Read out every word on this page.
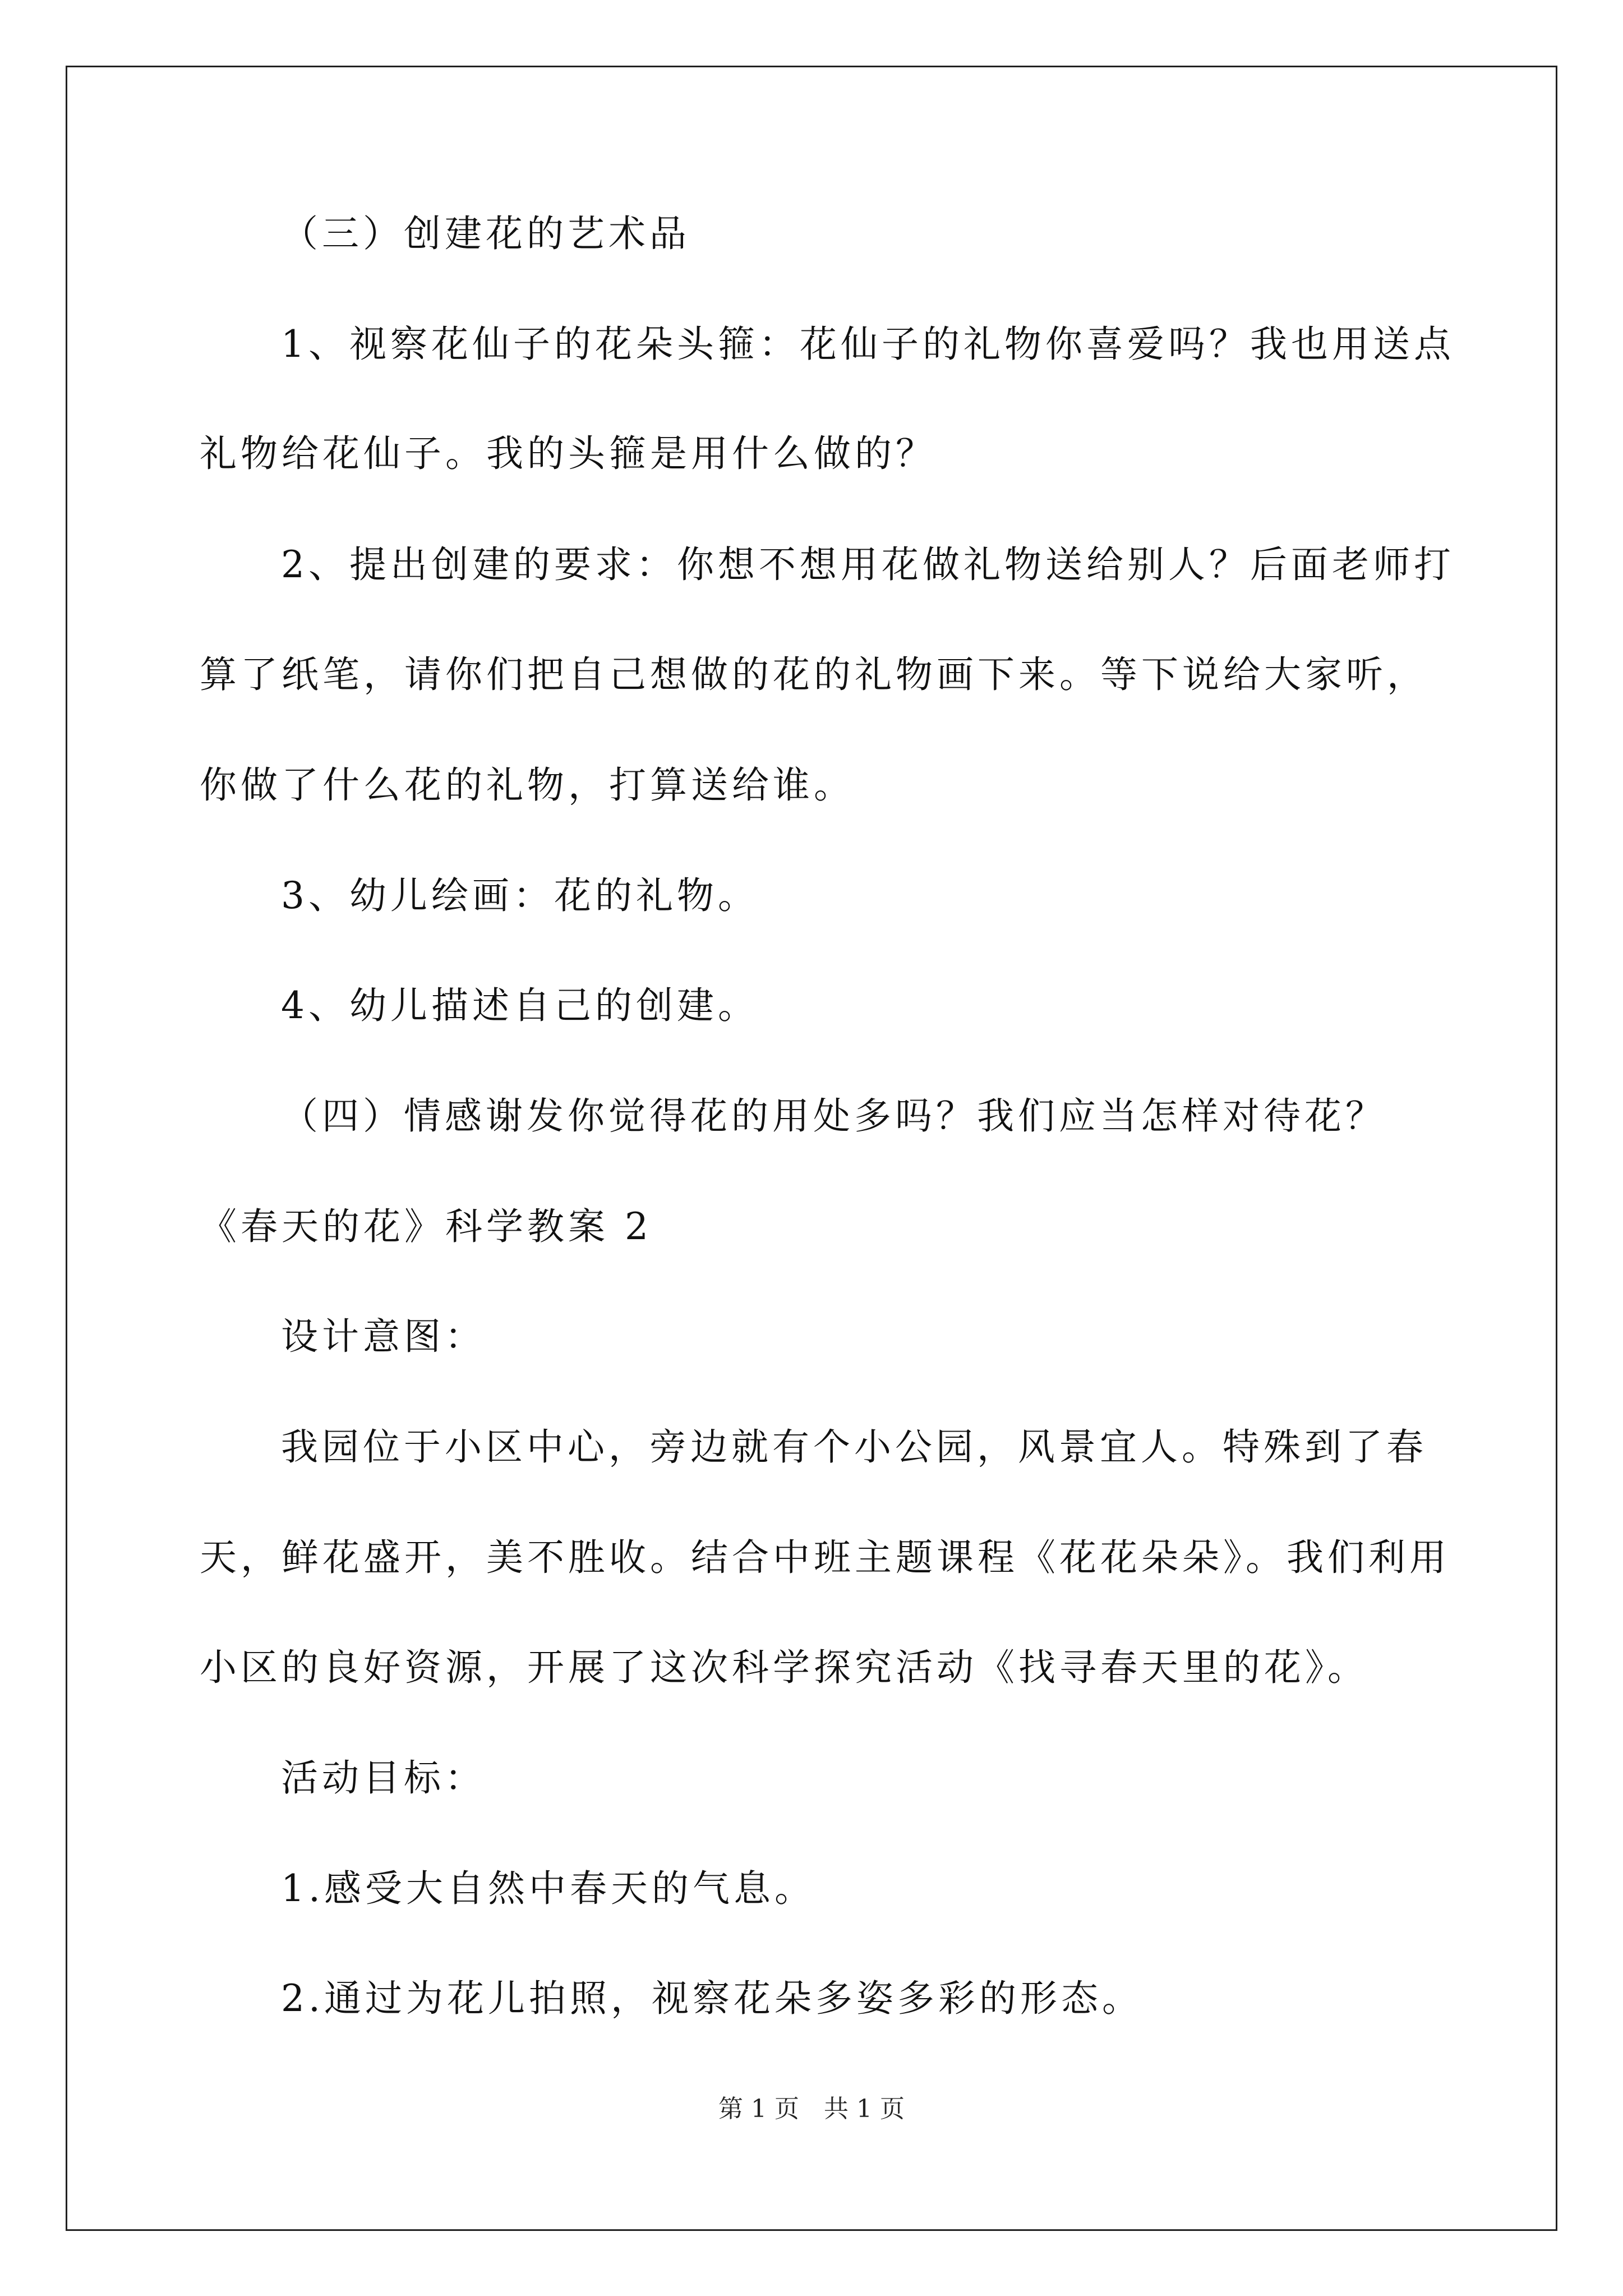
（三）创建花的艺术品
1、视察花仙子的花朵头箍：花仙子的礼物你喜爱吗？我也用送点
礼物给花仙子。我的头箍是用什么做的？
2、提出创建的要求：你想不想用花做礼物送给别人？后面老师打
算了纸笔，请你们把自己想做的花的礼物画下来。等下说给大家听，
你做了什么花的礼物，打算送给谁。
3、幼儿绘画：花的礼物。
4、幼儿描述自己的创建。
（四）情感谢发你觉得花的用处多吗？我们应当怎样对待花？
《春天的花》科学教案 2
设计意图：
我园位于小区中心，旁边就有个小公园，风景宜人。特殊到了春
天，鲜花盛开，美不胜收。结合中班主题课程《花花朵朵》。我们利用
小区的良好资源，开展了这次科学探究活动《找寻春天里的花》。
活动目标：
1.感受大自然中春天的气息。
2.通过为花儿拍照，视察花朵多姿多彩的形态。
第 1 页　共 1 页
